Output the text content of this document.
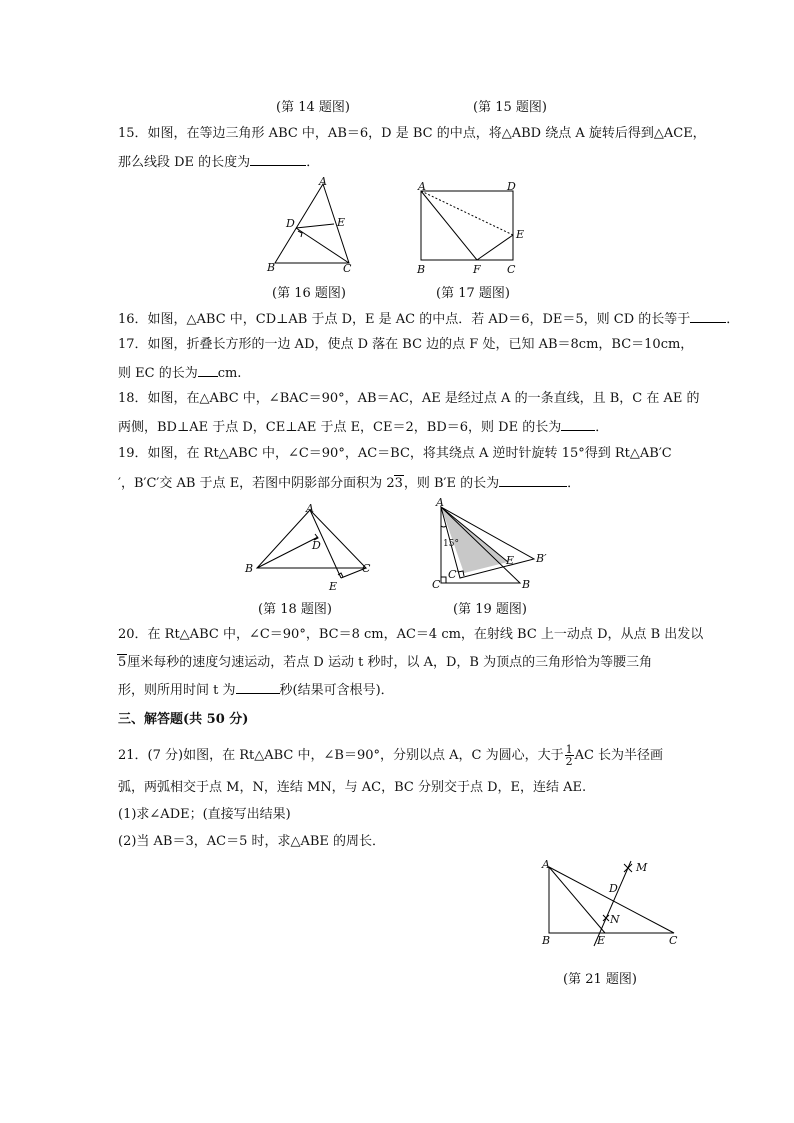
(第 14 题图)	(第 15 题图)
15．如图，在等边三角形 ABC 中，AB＝6，D 是 BC 的中点，将△ABD 绕点 A 旋转后得到△ACE，
那么线段 DE 的长度为	．
A
D	E
B	C
(第 16 题图)
A	D
E
B	F C
(第 17 题图)
16．如图，△ABC 中，CD⊥AB 于点 D，E 是 AC 的中点．若 AD＝6，DE＝5，则 CD 的长等于	．
17．如图，折叠长方形的一边 AD，使点 D 落在 BC 边的点 F 处，已知 AB＝8cm，BC＝10cm，
则 EC 的长为 cm.
18．如图，在△ABC 中，∠BAC＝90°，AB＝AC，AE 是经过点 A 的一条直线，且 B，C 在 AE 的
两侧，BD⊥AE 于点 D，CE⊥AE 于点 E，CE＝2，BD＝6，则 DE 的长为	．
19．如图，在 Rt△ABC 中，∠C＝90°，AC＝BC，将其绕点 A 逆时针旋转 15°得到 Rt△AB′C
′，B′C′交 AB 于点 E，若图中阴影部分面积为 23，则 B′E 的长为	．
A
D
B	C
E
(第 18 题图)
A
15°
E B′
C′
C	B
(第 19 题图)
20．在 Rt△ABC 中，∠C＝90°，BC＝8 cm，AC＝4 cm，在射线 BC 上一动点 D，从点 B 出发以
5厘米每秒的速度匀速运动，若点 D 运动 t 秒时，以 A，D，B 为顶点的三角形恰为等腰三角
形，则所用时间 t 为	秒(结果可含根号)．
三、解答题(共 50 分)
21．(7 分)如图，在 Rt△ABC 中，∠B＝90°，分别以点 A，C 为圆心，大于 $\frac{1}{2}$ AC 长为半径画
弧，两弧相交于点 M，N，连结 MN，与 AC，BC 分别交于点 D，E，连结 AE.
(1)求∠ADE；(直接写出结果)
(2)当 AB＝3，AC＝5 时，求△ABE 的周长．
A	M
D
N
B	E	C
(第 21 题图)
